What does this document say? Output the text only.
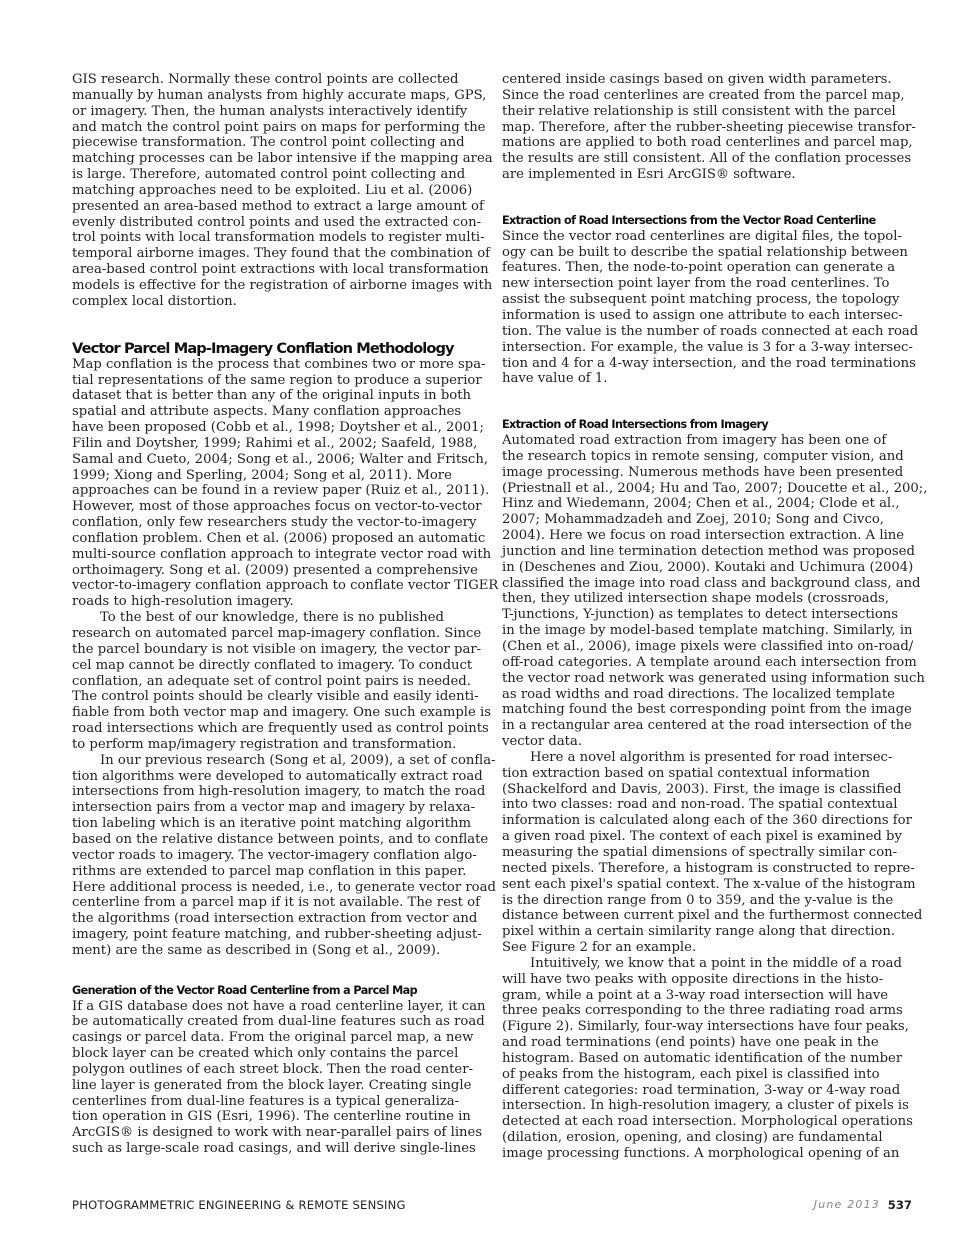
GIS research. Normally these control points are collected
manually by human analysts from highly accurate maps, GPS,
or imagery. Then, the human analysts interactively identify
and match the control point pairs on maps for performing the
piecewise transformation. The control point collecting and
matching processes can be labor intensive if the mapping area
is large. Therefore, automated control point collecting and
matching approaches need to be exploited. Liu et al. (2006)
presented an area-based method to extract a large amount of
evenly distributed control points and used the extracted con-
trol points with local transformation models to register multi-
temporal airborne images. They found that the combination of
area-based control point extractions with local transformation
models is effective for the registration of airborne images with
complex local distortion.
Vector Parcel Map-Imagery Conflation Methodology
Map conflation is the process that combines two or more spa-
tial representations of the same region to produce a superior
dataset that is better than any of the original inputs in both
spatial and attribute aspects. Many conflation approaches
have been proposed (Cobb et al., 1998; Doytsher et al., 2001;
Filin and Doytsher, 1999; Rahimi et al., 2002; Saafeld, 1988,
Samal and Cueto, 2004; Song et al., 2006; Walter and Fritsch,
1999; Xiong and Sperling, 2004; Song et al, 2011). More
approaches can be found in a review paper (Ruiz et al., 2011).
However, most of those approaches focus on vector-to-vector
conflation, only few researchers study the vector-to-imagery
conflation problem. Chen et al. (2006) proposed an automatic
multi-source conflation approach to integrate vector road with
orthoimagery. Song et al. (2009) presented a comprehensive
vector-to-imagery conflation approach to conflate vector TIGER
roads to high-resolution imagery.
To the best of our knowledge, there is no published
research on automated parcel map-imagery conflation. Since
the parcel boundary is not visible on imagery, the vector par-
cel map cannot be directly conflated to imagery. To conduct
conflation, an adequate set of control point pairs is needed.
The control points should be clearly visible and easily identi-
fiable from both vector map and imagery. One such example is
road intersections which are frequently used as control points
to perform map/imagery registration and transformation.
In our previous research (Song et al, 2009), a set of confla-
tion algorithms were developed to automatically extract road
intersections from high-resolution imagery, to match the road
intersection pairs from a vector map and imagery by relaxa-
tion labeling which is an iterative point matching algorithm
based on the relative distance between points, and to conflate
vector roads to imagery. The vector-imagery conflation algo-
rithms are extended to parcel map conflation in this paper.
Here additional process is needed, i.e., to generate vector road
centerline from a parcel map if it is not available. The rest of
the algorithms (road intersection extraction from vector and
imagery, point feature matching, and rubber-sheeting adjust-
ment) are the same as described in (Song et al., 2009).
Generation of the Vector Road Centerline from a Parcel Map
If a GIS database does not have a road centerline layer, it can
be automatically created from dual-line features such as road
casings or parcel data. From the original parcel map, a new
block layer can be created which only contains the parcel
polygon outlines of each street block. Then the road center-
line layer is generated from the block layer. Creating single
centerlines from dual-line features is a typical generaliza-
tion operation in GIS (Esri, 1996). The centerline routine in
ArcGIS® is designed to work with near-parallel pairs of lines
such as large-scale road casings, and will derive single-lines
centered inside casings based on given width parameters.
Since the road centerlines are created from the parcel map,
their relative relationship is still consistent with the parcel
map. Therefore, after the rubber-sheeting piecewise transfor-
mations are applied to both road centerlines and parcel map,
the results are still consistent. All of the conflation processes
are implemented in Esri ArcGIS® software.
Extraction of Road Intersections from the Vector Road Centerline
Since the vector road centerlines are digital files, the topol-
ogy can be built to describe the spatial relationship between
features. Then, the node-to-point operation can generate a
new intersection point layer from the road centerlines. To
assist the subsequent point matching process, the topology
information is used to assign one attribute to each intersec-
tion. The value is the number of roads connected at each road
intersection. For example, the value is 3 for a 3-way intersec-
tion and 4 for a 4-way intersection, and the road terminations
have value of 1.
Extraction of Road Intersections from Imagery
Automated road extraction from imagery has been one of
the research topics in remote sensing, computer vision, and
image processing. Numerous methods have been presented
(Priestnall et al., 2004; Hu and Tao, 2007; Doucette et al., 200;,
Hinz and Wiedemann, 2004; Chen et al., 2004; Clode et al.,
2007; Mohammadzadeh and Zoej, 2010; Song and Civco,
2004). Here we focus on road intersection extraction. A line
junction and line termination detection method was proposed
in (Deschenes and Ziou, 2000). Koutaki and Uchimura (2004)
classified the image into road class and background class, and
then, they utilized intersection shape models (crossroads,
T-junctions, Y-junction) as templates to detect intersections
in the image by model-based template matching. Similarly, in
(Chen et al., 2006), image pixels were classified into on-road/
off-road categories. A template around each intersection from
the vector road network was generated using information such
as road widths and road directions. The localized template
matching found the best corresponding point from the image
in a rectangular area centered at the road intersection of the
vector data.
Here a novel algorithm is presented for road intersec-
tion extraction based on spatial contextual information
(Shackelford and Davis, 2003). First, the image is classified
into two classes: road and non-road. The spatial contextual
information is calculated along each of the 360 directions for
a given road pixel. The context of each pixel is examined by
measuring the spatial dimensions of spectrally similar con-
nected pixels. Therefore, a histogram is constructed to repre-
sent each pixel's spatial context. The x-value of the histogram
is the direction range from 0 to 359, and the y-value is the
distance between current pixel and the furthermost connected
pixel within a certain similarity range along that direction.
See Figure 2 for an example.
Intuitively, we know that a point in the middle of a road
will have two peaks with opposite directions in the histo-
gram, while a point at a 3-way road intersection will have
three peaks corresponding to the three radiating road arms
(Figure 2). Similarly, four-way intersections have four peaks,
and road terminations (end points) have one peak in the
histogram. Based on automatic identification of the number
of peaks from the histogram, each pixel is classified into
different categories: road termination, 3-way or 4-way road
intersection. In high-resolution imagery, a cluster of pixels is
detected at each road intersection. Morphological operations
(dilation, erosion, opening, and closing) are fundamental
image processing functions. A morphological opening of an
PHOTOGRAMMETRIC ENGINEERING & REMOTE SENSING	June 2013 537
